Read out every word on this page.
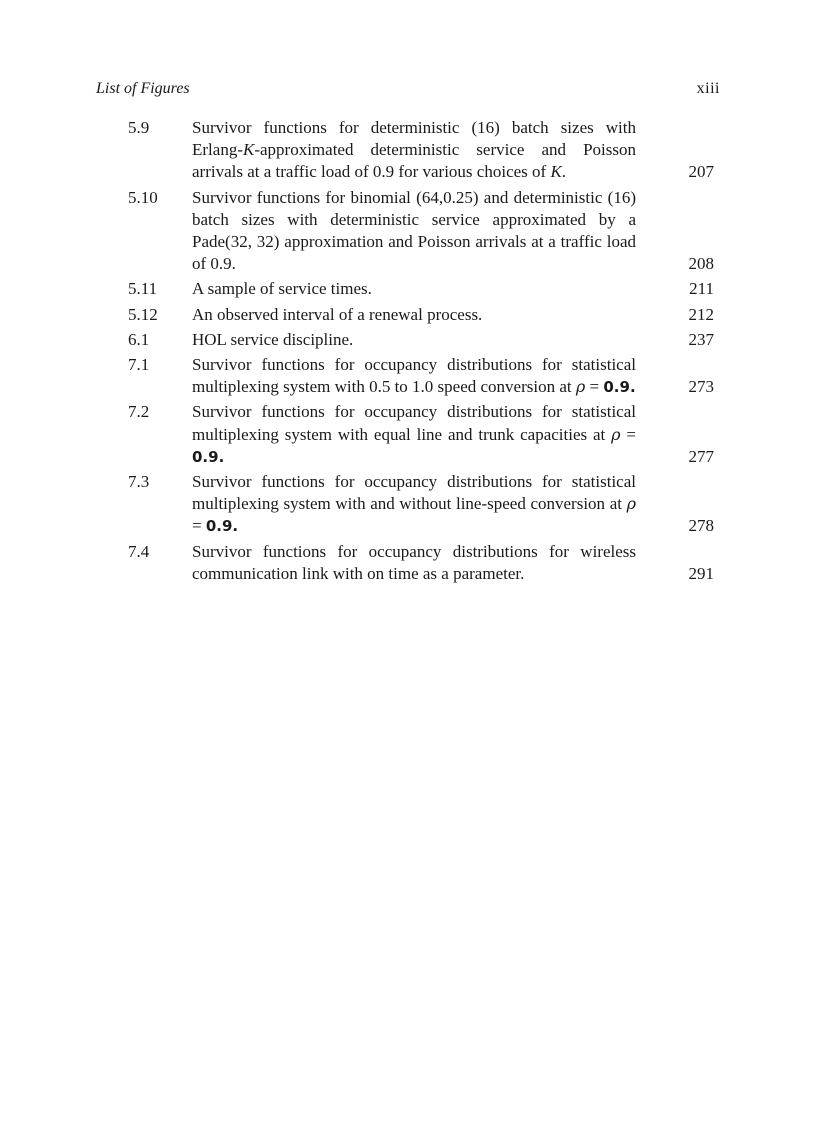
List of Figures	xiii
5.9	Survivor functions for deterministic (16) batch sizes with Erlang-K-approximated deterministic service and Poisson arrivals at a traffic load of 0.9 for various choices of K.	207
5.10 Survivor functions for binomial (64,0.25) and deterministic (16) batch sizes with deterministic service approximated by a Pade(32, 32) approximation and Poisson arrivals at a traffic load of 0.9.	208
5.11 A sample of service times.	211
5.12 An observed interval of a renewal process.	212
6.1	HOL service discipline.	237
7.1	Survivor functions for occupancy distributions for statistical multiplexing system with 0.5 to 1.0 speed conversion at ρ = 0.9.	273
7.2	Survivor functions for occupancy distributions for statistical multiplexing system with equal line and trunk capacities at ρ = 0.9.	277
7.3	Survivor functions for occupancy distributions for statistical multiplexing system with and without line-speed conversion at ρ = 0.9.	278
7.4	Survivor functions for occupancy distributions for wireless communication link with on time as a parameter.	291
